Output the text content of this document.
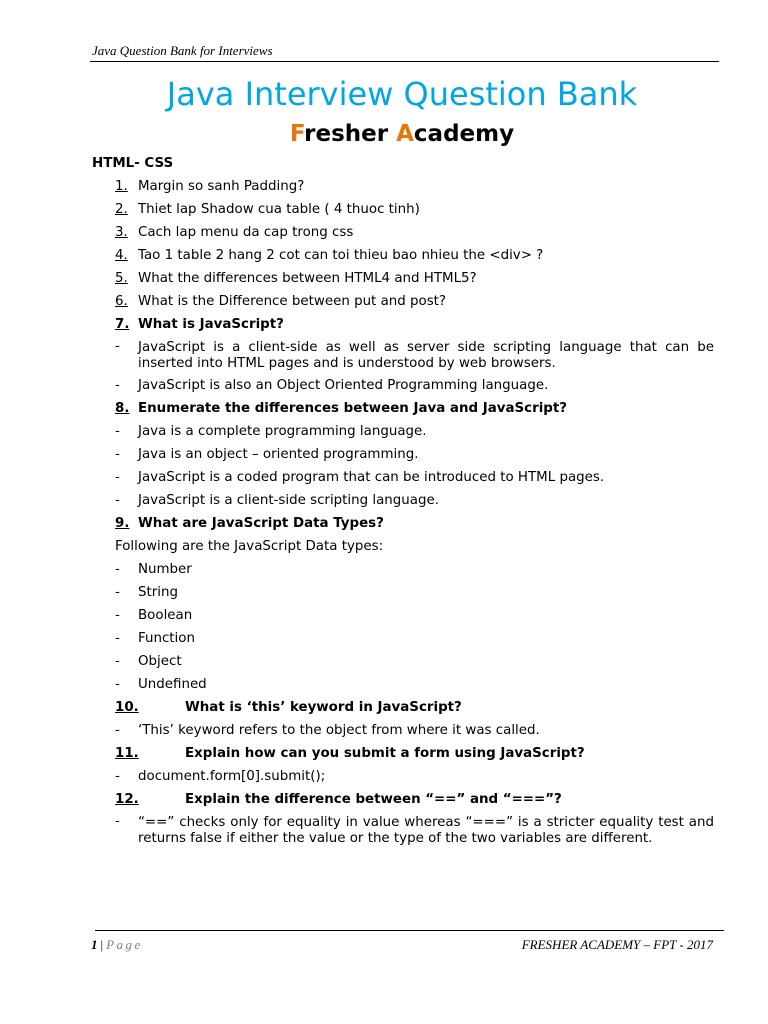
Java Question Bank for Interviews
Java Interview Question Bank
Fresher Academy
HTML- CSS
1.Margin so sanh Padding?
2.Thiet lap Shadow cua table ( 4 thuoc tinh)
3.Cach lap menu da cap trong css
4.Tao 1 table 2 hang 2 cot can toi thieu bao nhieu the <div> ?
5.What the differences between HTML4 and HTML5?
6.What is the Difference between put and post?
7.What is JavaScript?
- JavaScript is a client-side as well as server side scripting language that can be inserted into HTML pages and is understood by web browsers.
- JavaScript is also an Object Oriented Programming language.
8.Enumerate the differences between Java and JavaScript?
- Java is a complete programming language.
- Java is an object – oriented programming.
- JavaScript is a coded program that can be introduced to HTML pages.
- JavaScript is a client-side scripting language.
9.What are JavaScript Data Types?
Following are the JavaScript Data types:
- Number
- String
- Boolean
- Function
- Object
- Undefined
10.	What is ‘this’ keyword in JavaScript?
- ‘This’ keyword refers to the object from where it was called.
11.	Explain how can you submit a form using JavaScript?
- document.form[0].submit();
12.	Explain the difference between “==” and “===”?
- “==” checks only for equality in value whereas “===” is a stricter equality test and returns false if either the value or the type of the two variables are different.
1 | Page	FRESHER ACADEMY – FPT - 2017
